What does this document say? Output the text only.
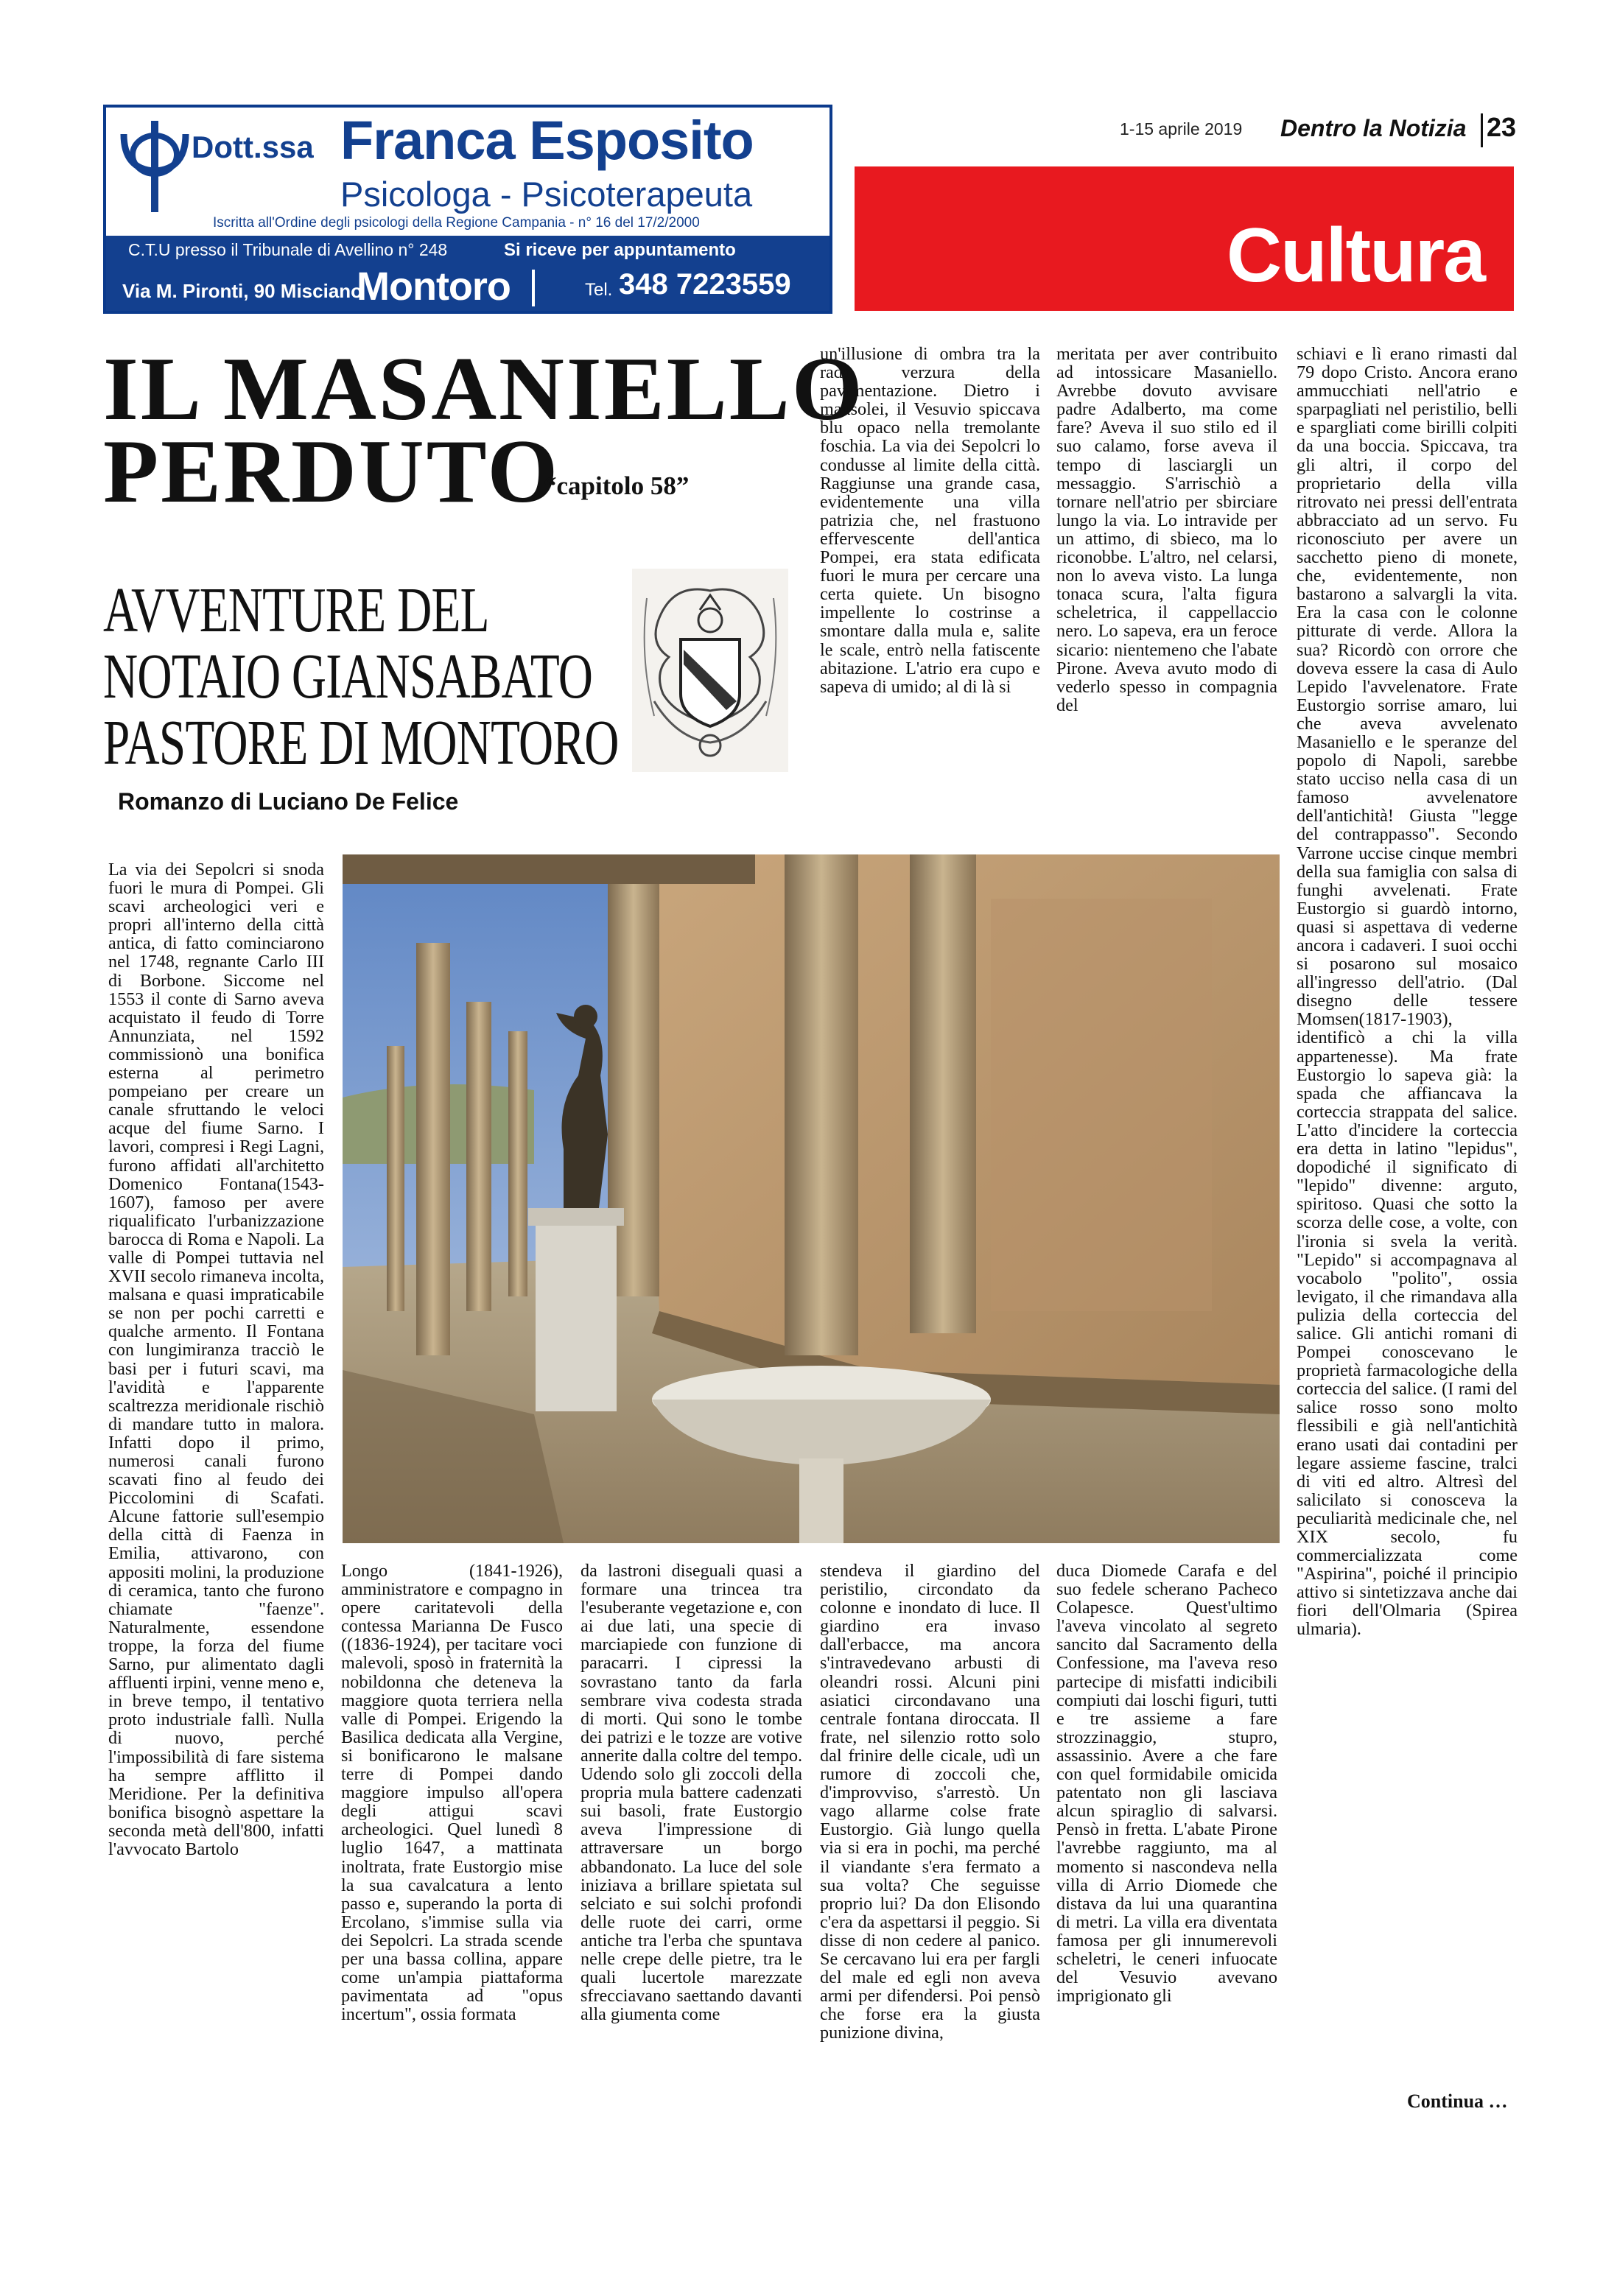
Dott.ssa Franca Esposito
Psicologa - Psicoterapeuta
Iscritta all'Ordine degli psicologi della Regione Campania - n° 16 del 17/2/2000
C.T.U presso il Tribunale di Avellino n° 248	Si riceve per appuntamento
Via M. Pironti, 90 Misciano
Montoro	Tel. 348 7223559
1-15 aprile 2019 Dentro la Notizia 23
Cultura
IL MASANIELLO
PERDUTO
“capitolo 58”
AVVENTURE DEL
NOTAIO GIANSABATO
PASTORE DI MONTORO
Romanzo di Luciano De Felice

La via dei Sepolcri si snoda fuori le mura di Pompei. Gli scavi archeologici veri e propri all'interno della città antica, di fatto cominciarono nel 1748, regnante Carlo III di Borbone. Siccome nel 1553 il conte di Sarno aveva acquistato il feudo di Torre Annunziata, nel 1592 commissionò una bonifica esterna al perimetro pompeiano per creare un canale sfruttando le veloci acque del fiume Sarno. I lavori, compresi i Regi Lagni, furono affidati all'architetto Domenico Fontana(1543-1607), famoso per avere riqualificato l'urbanizzazione barocca di Roma e Napoli. La valle di Pompei tuttavia nel XVII secolo rimaneva incolta, malsana e quasi impraticabile se non per pochi carretti e qualche armento. Il Fontana con lungimiranza tracciò le basi per i futuri scavi, ma l'avidità e l'apparente scaltrezza meridionale rischiò di mandare tutto in malora. Infatti dopo il primo, numerosi canali furono scavati fino al feudo dei Piccolomini di Scafati. Alcune fattorie sull'esempio della città di Faenza in Emilia, attivarono, con appositi molini, la produzione di ceramica, tanto che furono chiamate "faenze". Naturalmente, essendone troppe, la forza del fiume Sarno, pur alimentato dagli affluenti irpini, venne meno e, in breve tempo, il tentativo proto industriale fallì. Nulla di nuovo, perché l'impossibilità di fare sistema ha sempre afflitto il Meridione. Per la definitiva bonifica bisognò aspettare la seconda metà dell'800, infatti l'avvocato Bartolo

un'illusione di ombra tra la rada verzura della pavimentazione. Dietro i mausolei, il Vesuvio spiccava blu opaco nella tremolante foschia. La via dei Sepolcri lo condusse al limite della città. Raggiunse una grande casa, evidentemente una villa patrizia che, nel frastuono effervescente dell'antica Pompei, era stata edificata fuori le mura per cercare una certa quiete. Un bisogno impellente lo costrinse a smontare dalla mula e, salite le scale, entrò nella fatiscente abitazione. L'atrio era cupo e sapeva di umido; al di là si

meritata per aver contribuito ad intossicare Masaniello. Avrebbe dovuto avvisare padre Adalberto, ma come fare? Aveva il suo stilo ed il suo calamo, forse aveva il tempo di lasciargli un messaggio. S'arrischiò a tornare nell'atrio per sbirciare lungo la via. Lo intravide per un attimo, di sbieco, ma lo riconobbe. L'altro, nel celarsi, non lo aveva visto. La lunga tonaca scura, l'alta figura scheletrica, il cappellaccio nero. Lo sapeva, era un feroce sicario: nientemeno che l'abate Pirone. Aveva avuto modo di vederlo spesso in compagnia del

schiavi e lì erano rimasti dal 79 dopo Cristo. Ancora erano ammucchiati nell'atrio e sparpagliati nel peristilio, belli e spargliati come birilli colpiti da una boccia. Spiccava, tra gli altri, il corpo del proprietario della villa ritrovato nei pressi dell'entrata abbracciato ad un servo. Fu riconosciuto per avere un sacchetto pieno di monete, che, evidentemente, non bastarono a salvargli la vita. Era la casa con le colonne pitturate di verde. Allora la sua? Ricordò con orrore che doveva essere la casa di Aulo Lepido l'avvelenatore. Frate Eustorgio sorrise amaro, lui che aveva avvelenato Masaniello e le speranze del popolo di Napoli, sarebbe stato ucciso nella casa di un famoso avvelenatore dell'antichità! Giusta "legge del contrappasso". Secondo Varrone uccise cinque membri della sua famiglia con salsa di funghi avvelenati. Frate Eustorgio si guardò intorno, quasi si aspettava di vederne ancora i cadaveri. I suoi occhi si posarono sul mosaico all'ingresso dell'atrio. (Dal disegno delle tessere Momsen(1817-1903), identificò a chi la villa appartenesse). Ma frate Eustorgio lo sapeva già: la spada che affiancava la corteccia strappata del salice. L'atto d'incidere la corteccia era detta in latino "lepidus", dopodiché il significato di "lepido" divenne: arguto, spiritoso. Quasi che sotto la scorza delle cose, a volte, con l'ironia si svela la verità. "Lepido" si accompagnava al vocabolo "polito", ossia levigato, il che rimandava alla pulizia della corteccia del salice. Gli antichi romani di Pompei conoscevano le proprietà farmacologiche della corteccia del salice. (I rami del salice rosso sono molto flessibili e già nell'antichità erano usati dai contadini per legare assieme fascine, tralci di viti ed altro. Altresì del salicilato si conosceva la peculiarità medicinale che, nel XIX secolo, fu commercializzata come "Aspirina", poiché il principio attivo si sintetizzava anche dai fiori dell'Olmaria (Spirea ulmaria).

Longo (1841-1926), amministratore e compagno in opere caritatevoli della contessa Marianna De Fusco ((1836-1924), per tacitare voci malevoli, sposò in fraternità la nobildonna che deteneva la maggiore quota terriera nella valle di Pompei. Erigendo la Basilica dedicata alla Vergine, si bonificarono le malsane terre di Pompei dando maggiore impulso all'opera degli attigui scavi archeologici. Quel lunedì 8 luglio 1647, a mattinata inoltrata, frate Eustorgio mise la sua cavalcatura a lento passo e, superando la porta di Ercolano, s'immise sulla via dei Sepolcri. La strada scende per una bassa collina, appare come un'ampia piattaforma pavimentata ad "opus incertum", ossia formata

da lastroni diseguali quasi a formare una trincea tra l'esuberante vegetazione e, con ai due lati, una specie di marciapiede con funzione di paracarri. I cipressi la sovrastano tanto da farla sembrare viva codesta strada di morti. Qui sono le tombe dei patrizi e le tozze are votive annerite dalla coltre del tempo. Udendo solo gli zoccoli della propria mula battere cadenzati sui basoli, frate Eustorgio aveva l'impressione di attraversare un borgo abbandonato. La luce del sole iniziava a brillare spietata sul selciato e sui solchi profondi delle ruote dei carri, orme antiche tra l'erba che spuntava nelle crepe delle pietre, tra le quali lucertole marezzate sfrecciavano saettando davanti alla giumenta come

stendeva il giardino del peristilio, circondato da colonne e inondato di luce. Il giardino era invaso dall'erbacce, ma ancora s'intravedevano arbusti di oleandri rossi. Alcuni pini asiatici circondavano una centrale fontana diroccata. Il frate, nel silenzio rotto solo dal frinire delle cicale, udì un rumore di zoccoli che, d'improvviso, s'arrestò. Un vago allarme colse frate Eustorgio. Già lungo quella via si era in pochi, ma perché il viandante s'era fermato a sua volta? Che seguisse proprio lui? Da don Elisondo c'era da aspettarsi il peggio. Si disse di non cedere al panico. Se cercavano lui era per fargli del male ed egli non aveva armi per difendersi. Poi pensò che forse era la giusta punizione divina,

duca Diomede Carafa e del suo fedele scherano Pacheco Colapesce. Quest'ultimo l'aveva vincolato al segreto sancito dal Sacramento della Confessione, ma l'aveva reso partecipe di misfatti indicibili compiuti dai loschi figuri, tutti e tre assieme a fare strozzinaggio, stupro, assassinio. Avere a che fare con quel formidabile omicida patentato non gli lasciava alcun spiraglio di salvarsi. Pensò in fretta. L'abate Pirone l'avrebbe raggiunto, ma al momento si nascondeva nella villa di Arrio Diomede che distava da lui una quarantina di metri. La villa era diventata famosa per gli innumerevoli scheletri, le ceneri infuocate del Vesuvio avevano imprigionato gli

Continua …
